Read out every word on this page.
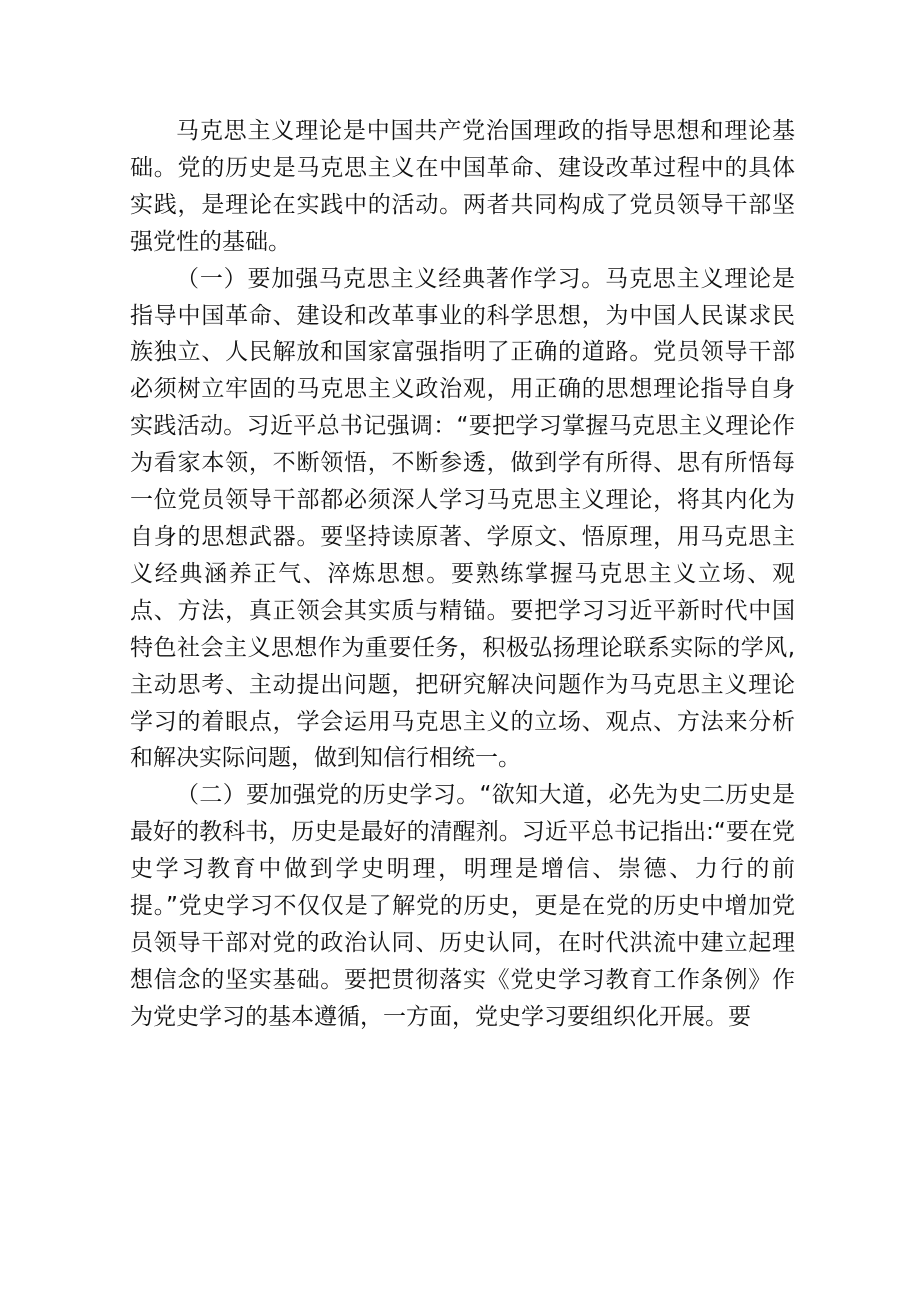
马克思主义理论是中国共产党治国理政的指导思想和理论基础。党的历史是马克思主义在中国革命、建设改革过程中的具体实践，是理论在实践中的活动。两者共同构成了党员领导干部坚强党性的基础。

（一）要加强马克思主义经典著作学习。马克思主义理论是指导中国革命、建设和改革事业的科学思想，为中国人民谋求民族独立、人民解放和国家富强指明了正确的道路。党员领导干部必须树立牢固的马克思主义政治观，用正确的思想理论指导自身实践活动。习近平总书记强调：“要把学习掌握马克思主义理论作为看家本领，不断领悟，不断参透，做到学有所得、思有所悟每一位党员领导干部都必须深人学习马克思主义理论，将其内化为自身的思想武器。要坚持读原著、学原文、悟原理，用马克思主义经典涵养正气、淬炼思想。要熟练掌握马克思主义立场、观点、方法，真正领会其实质与精锚。要把学习习近平新时代中国特色社会主义思想作为重要任务，积极弘扬理论联系实际的学风,主动思考、主动提出问题，把研究解决问题作为马克思主义理论学习的着眼点，学会运用马克思主义的立场、观点、方法来分析和解决实际问题，做到知信行相统一。

（二）要加强党的历史学习。“欲知大道，必先为史二历史是最好的教科书，历史是最好的清醒剂。习近平总书记指出:“要在党史学习教育中做到学史明理，明理是增信、崇德、力行的前提。”党史学习不仅仅是了解党的历史，更是在党的历史中增加党员领导干部对党的政治认同、历史认同，在时代洪流中建立起理想信念的坚实基础。要把贯彻落实《党史学习教育工作条例》作为党史学习的基本遵循，一方面，党史学习要组织化开展。要
